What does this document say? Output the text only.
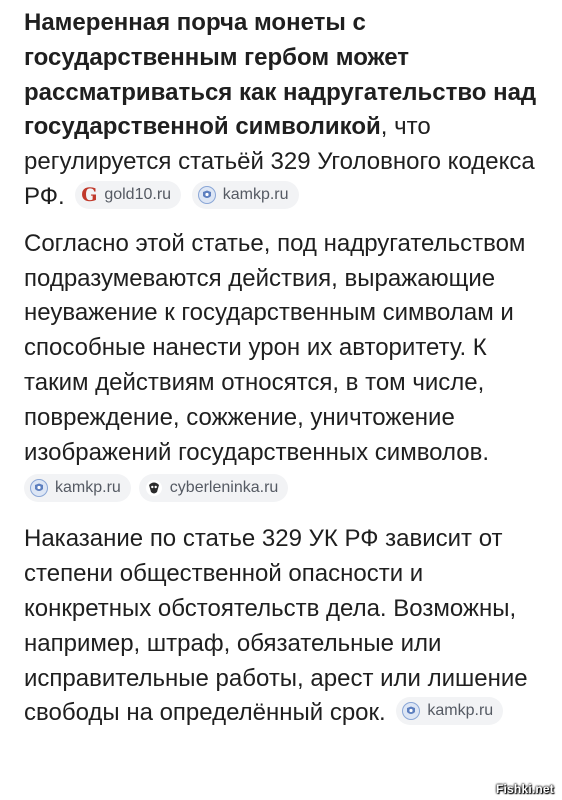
Намеренная порча монеты с государственным гербом может рассматриваться как надругательство над государственной символикой, что регулируется статьёй 329 Уголовного кодекса РФ. G gold10.ru
	kamkp.ru

Согласно этой статье, под надругательством подразумеваются действия, выражающие неуважение к государственным символам и способные нанести урон их авторитету. К таким действиям относятся, в том числе, повреждение, сожжение, уничтожение изображений государственных символов.

kamkp.ru	cyberleninka.ru

Наказание по статье 329 УК РФ зависит от степени общественной опасности и конкретных обстоятельств дела. Возможны, например, штраф, обязательные или исправительные работы, арест или лишение свободы на определённый срок.	kamkp.ru

Fishki.net
